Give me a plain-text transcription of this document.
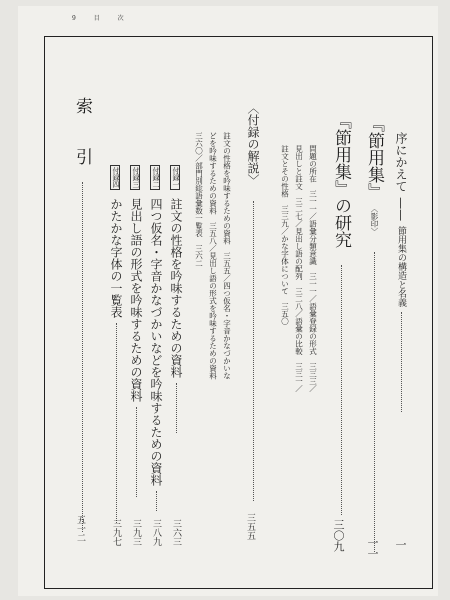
9 目 次
序にかえて —— 節用集の構造と名義
一
『節用集』 〈影印〉
一一
『節用集』の研究
三〇九
問題の所在　三一一／語彙分類意識　三一一／語彙登録の形式　三三三／
見出しと註文　三二七／見出し語の配列　三二八／語彙の比較　三三一／
註文とその性格　三三九／かな字体について　三五〇
〈付録の解説〉
三五五
註文の性格を吟味するための資料　三五五／四つ仮名・字音かなづかいな
どを吟味するための資料　三五八／見出し語の形式を吟味するための資料
三六〇／部門別総語彙数一覧表　三六二
付録一 註文の性格を吟味するための資料
三六三
付録二 四つ仮名・字音かなづかいなどを吟味するための資料
三八九
付録三 見出し語の形式を吟味するための資料
三九三
付録四 かたかな字体の一覧表
三九七
索　　引
五一二
